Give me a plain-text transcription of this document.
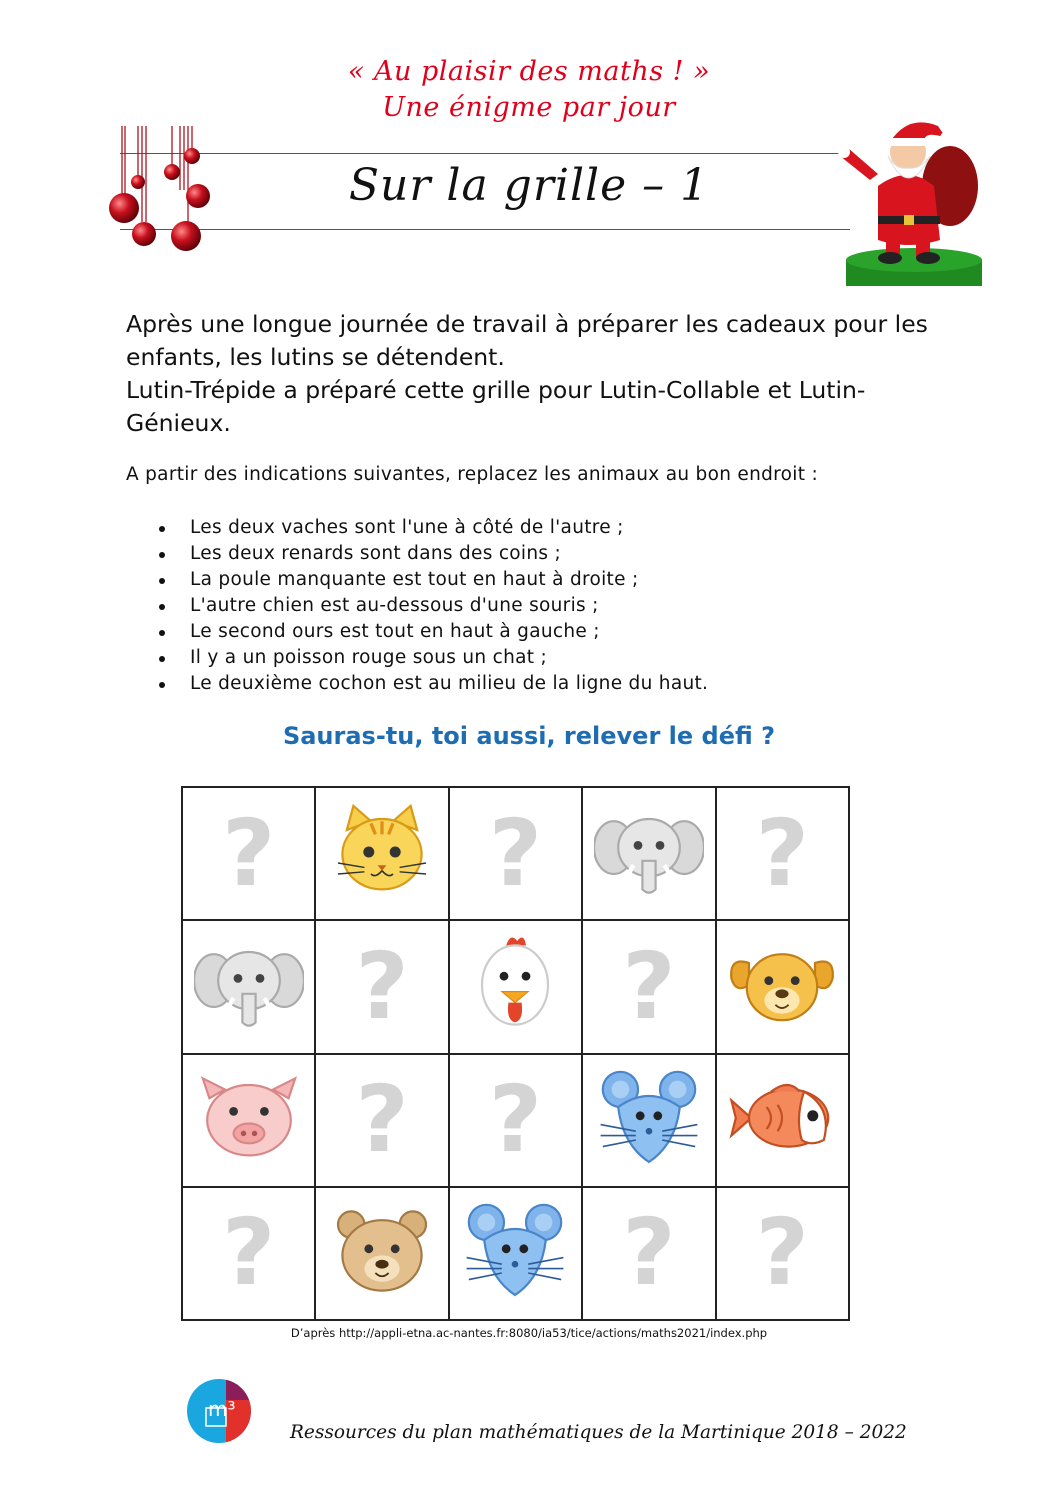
« Au plaisir des maths ! »
Une énigme par jour
Sur la grille – 1

Après une longue journée de travail à préparer les cadeaux pour les enfants, les lutins se détendent.

Lutin-Trépide a préparé cette grille pour Lutin-Collable et Lutin-Génieux.

A partir des indications suivantes, replacez les animaux au bon endroit :
Les deux vaches sont l'une à côté de l'autre ;
Les deux renards sont dans des coins ;
La poule manquante est tout en haut à droite ;
L'autre chien est au-dessous d'une souris ;
Le second ours est tout en haut à gauche ;
Il y a un poisson rouge sous un chat ;
Le deuxième cochon est au milieu de la ligne du haut.
Sauras-tu, toi aussi, relever le défi ?
? ? ?
? ?
? ?
?	? ?
D’après http://appli-etna.ac-nantes.fr:8080/ia53/tice/actions/maths2021/index.php
m³
Ressources du plan mathématiques de la Martinique 2018 – 2022
